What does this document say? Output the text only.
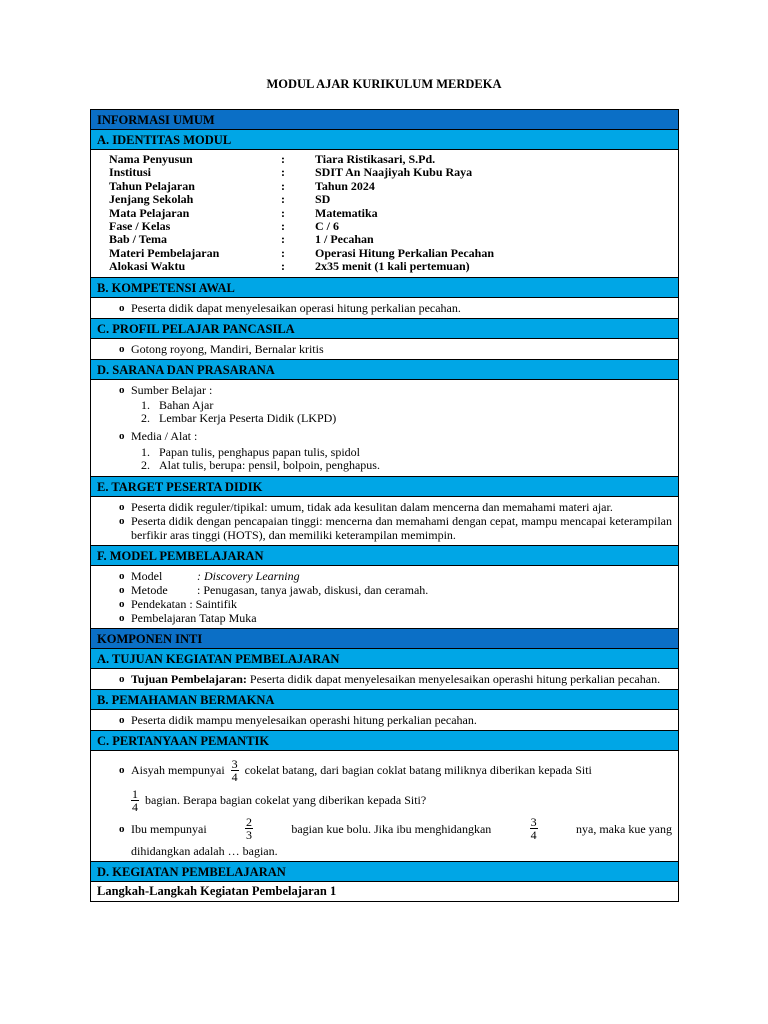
MODUL AJAR KURIKULUM MERDEKA
INFORMASI UMUM
A. IDENTITAS MODUL
Nama Penyusun	:	Tiara Ristikasari, S.Pd.
Institusi	:	SDIT An Naajiyah Kubu Raya
Tahun Pelajaran	:	Tahun 2024
Jenjang Sekolah	:	SD
Mata Pelajaran	:	Matematika
Fase / Kelas	:	C / 6
Bab / Tema	:	1 / Pecahan
Materi Pembelajaran	:	Operasi Hitung Perkalian Pecahan
Alokasi Waktu	:	2x35 menit (1 kali pertemuan)
B. KOMPETENSI AWAL
o Peserta didik dapat menyelesaikan operasi hitung perkalian pecahan.
C. PROFIL PELAJAR PANCASILA
o Gotong royong, Mandiri, Bernalar kritis
D. SARANA DAN PRASARANA
o Sumber Belajar :
1. Bahan Ajar
2. Lembar Kerja Peserta Didik (LKPD)
o Media / Alat :
1. Papan tulis, penghapus papan tulis, spidol
2. Alat tulis, berupa: pensil, bolpoin, penghapus.
E. TARGET PESERTA DIDIK
o Peserta didik reguler/tipikal: umum, tidak ada kesulitan dalam mencerna dan memahami materi ajar.
o Peserta didik dengan pencapaian tinggi: mencerna dan memahami dengan cepat, mampu mencapai keterampilan berfikir aras tinggi (HOTS), dan memiliki keterampilan memimpin.
F. MODEL PEMBELAJARAN
o Model	: Discovery Learning
o Metode	: Penugasan, tanya jawab, diskusi, dan ceramah.
o Pendekatan : Saintifik
o Pembelajaran Tatap Muka
KOMPONEN INTI
A. TUJUAN KEGIATAN PEMBELAJARAN
o Tujuan Pembelajaran: Peserta didik dapat menyelesaikan menyelesaikan operashi hitung perkalian pecahan.
B. PEMAHAMAN BERMAKNA
o Peserta didik mampu menyelesaikan operashi hitung perkalian pecahan.
C. PERTANYAAN PEMANTIK
o Aisyah mempunyai $\frac{3}{4}$ cokelat batang, dari bagian coklat batang miliknya diberikan kepada Siti

$\frac{1}{4}$ bagian. Berapa bagian cokelat yang diberikan kepada Siti?
o Ibu mempunyai	$\frac{2}{3}$	bagian kue bolu. Jika ibu menghidangkan	$\frac{3}{4}$	nya, maka kue yang
dihidangkan adalah … bagian.
D. KEGIATAN PEMBELAJARAN
Langkah-Langkah Kegiatan Pembelajaran 1
